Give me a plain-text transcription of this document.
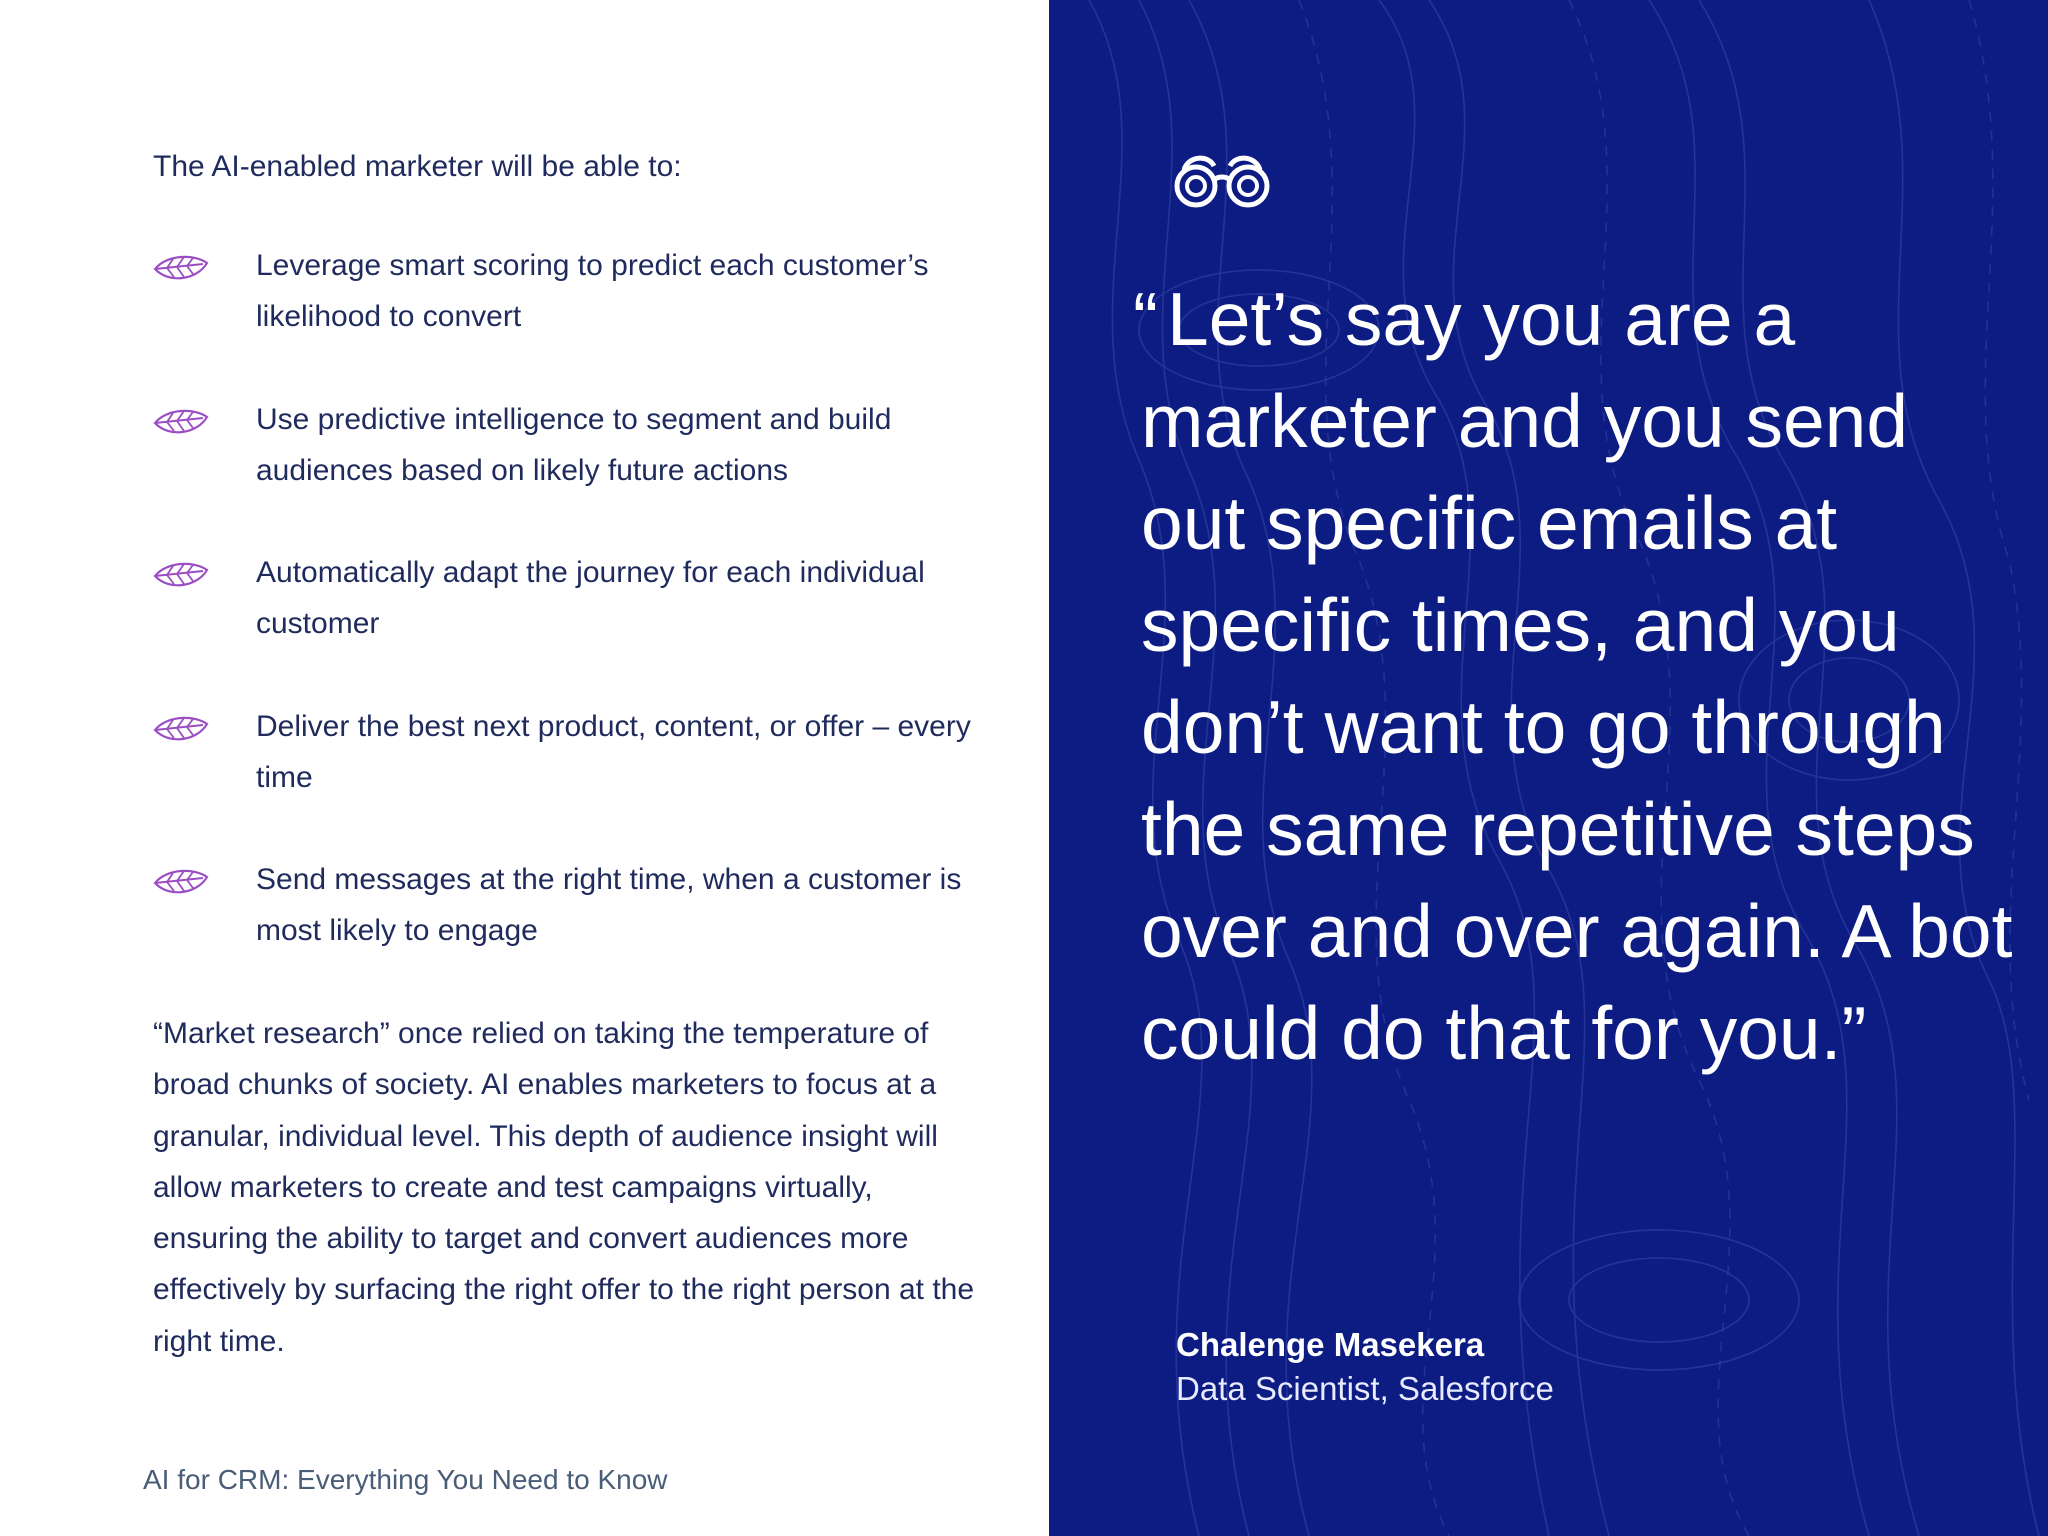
The AI-enabled marketer will be able to:

Leverage smart scoring to predict each customer’s likelihood to convert

Use predictive intelligence to segment and build audiences based on likely future actions

Automatically adapt the journey for each individual customer

Deliver the best next product, content, or offer – every time

Send messages at the right time, when a customer is most likely to engage

“Market research” once relied on taking the temperature of broad chunks of society. AI enables marketers to focus at a granular, individual level. This depth of audience insight will allow marketers to create and test campaigns virtually, ensuring the ability to target and convert audiences more effectively by surfacing the right offer to the right person at the right time.

AI for CRM: Everything You Need to Know

“ Let’s say you are a marketer and you send out specific emails at specific times, and you don’t want to go through the same repetitive steps over and over again. A bot could do that for you.”

Chalenge Masekera

Data Scientist, Salesforce
